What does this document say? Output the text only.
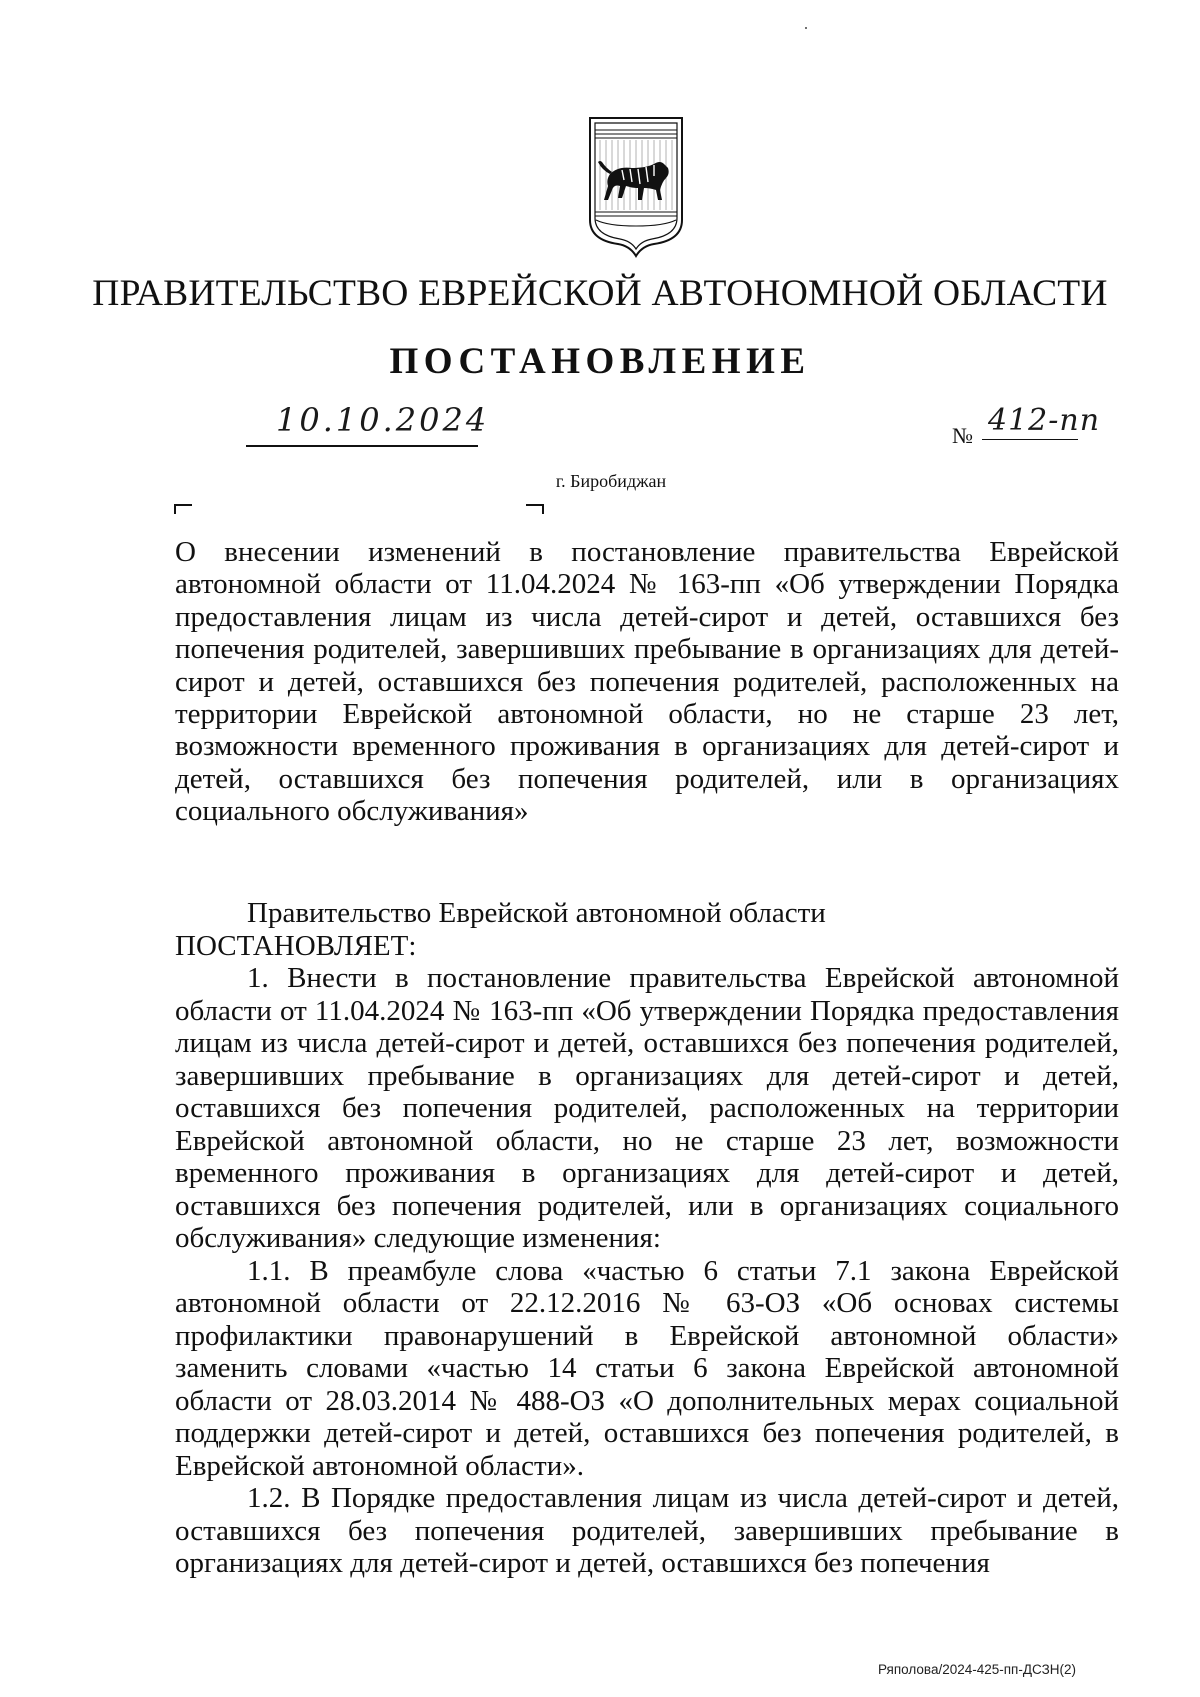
ПРАВИТЕЛЬСТВО ЕВРЕЙСКОЙ АВТОНОМНОЙ ОБЛАСТИ
ПОСТАНОВЛЕНИЕ
10.10.2024	№ 412-пп
г. Биробиджан
О внесении изменений в постановление правительства Еврейской автономной области от 11.04.2024 № 163-пп «Об утверждении Порядка предоставления лицам из числа детей-сирот и детей, оставшихся без попечения родителей, завершивших пребывание в организациях для детей-сирот и детей, оставшихся без попечения родителей, расположенных на территории Еврейской автономной области, но не старше 23 лет, возможности временного проживания в организациях для детей-сирот и детей, оставшихся без попечения родителей, или в организациях социального обслуживания»

Правительство Еврейской автономной области

ПОСТАНОВЛЯЕТ:

1. Внести в постановление правительства Еврейской автономной области от 11.04.2024 № 163-пп «Об утверждении Порядка предоставления лицам из числа детей-сирот и детей, оставшихся без попечения родителей, завершивших пребывание в организациях для детей-сирот и детей, оставшихся без попечения родителей, расположенных на территории Еврейской автономной области, но не старше 23 лет, возможности временного проживания в организациях для детей-сирот и детей, оставшихся без попечения родителей, или в организациях социального обслуживания» следующие изменения:

1.1. В преамбуле слова «частью 6 статьи 7.1 закона Еврейской автономной области от 22.12.2016 № 63-ОЗ «Об основах системы профилактики правонарушений в Еврейской автономной области» заменить словами «частью 14 статьи 6 закона Еврейской автономной области от 28.03.2014 № 488-ОЗ «О дополнительных мерах социальной поддержки детей-сирот и детей, оставшихся без попечения родителей, в Еврейской автономной области».

1.2. В Порядке предоставления лицам из числа детей-сирот и детей, оставшихся без попечения родителей, завершивших пребывание в организациях для детей-сирот и детей, оставшихся без попечения

Ряполова/2024-425-пп-ДСЗН(2)
